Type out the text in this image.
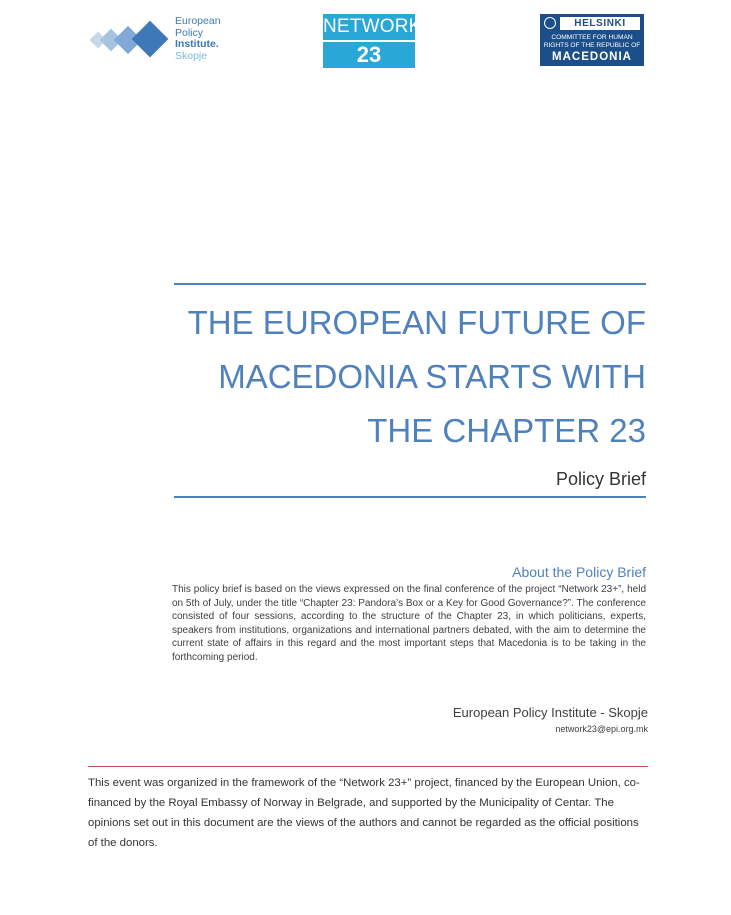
European
Policy
Institute.
Skopje
NETWORK
23
HELSINKI
COMMITTEE FOR HUMAN
RIGHTS OF THE REPUBLIC OF
MACEDONIA
THE EUROPEAN FUTURE OF
MACEDONIA STARTS WITH
THE CHAPTER 23
Policy Brief
About the Policy Brief

This policy brief is based on the views expressed on the final conference of the project “Network 23+”, held on 5th of July, under the title “Chapter 23: Pandora’s Box or a Key for Good Governance?”. The conference consisted of four sessions, according to the structure of the Chapter 23, in which politicians, experts, speakers from institutions, organizations and international partners debated, with the aim to determine the current state of affairs in this regard and the most important steps that Macedonia is to be taking in the forthcoming period.

European Policy Institute - Skopje
network23@epi.org.mk

This event was organized in the framework of the “Network 23+” project, financed by the European Union, co-financed by the Royal Embassy of Norway in Belgrade, and supported by the Municipality of Centar. The opinions set out in this document are the views of the authors and cannot be regarded as the official positions of the donors.
